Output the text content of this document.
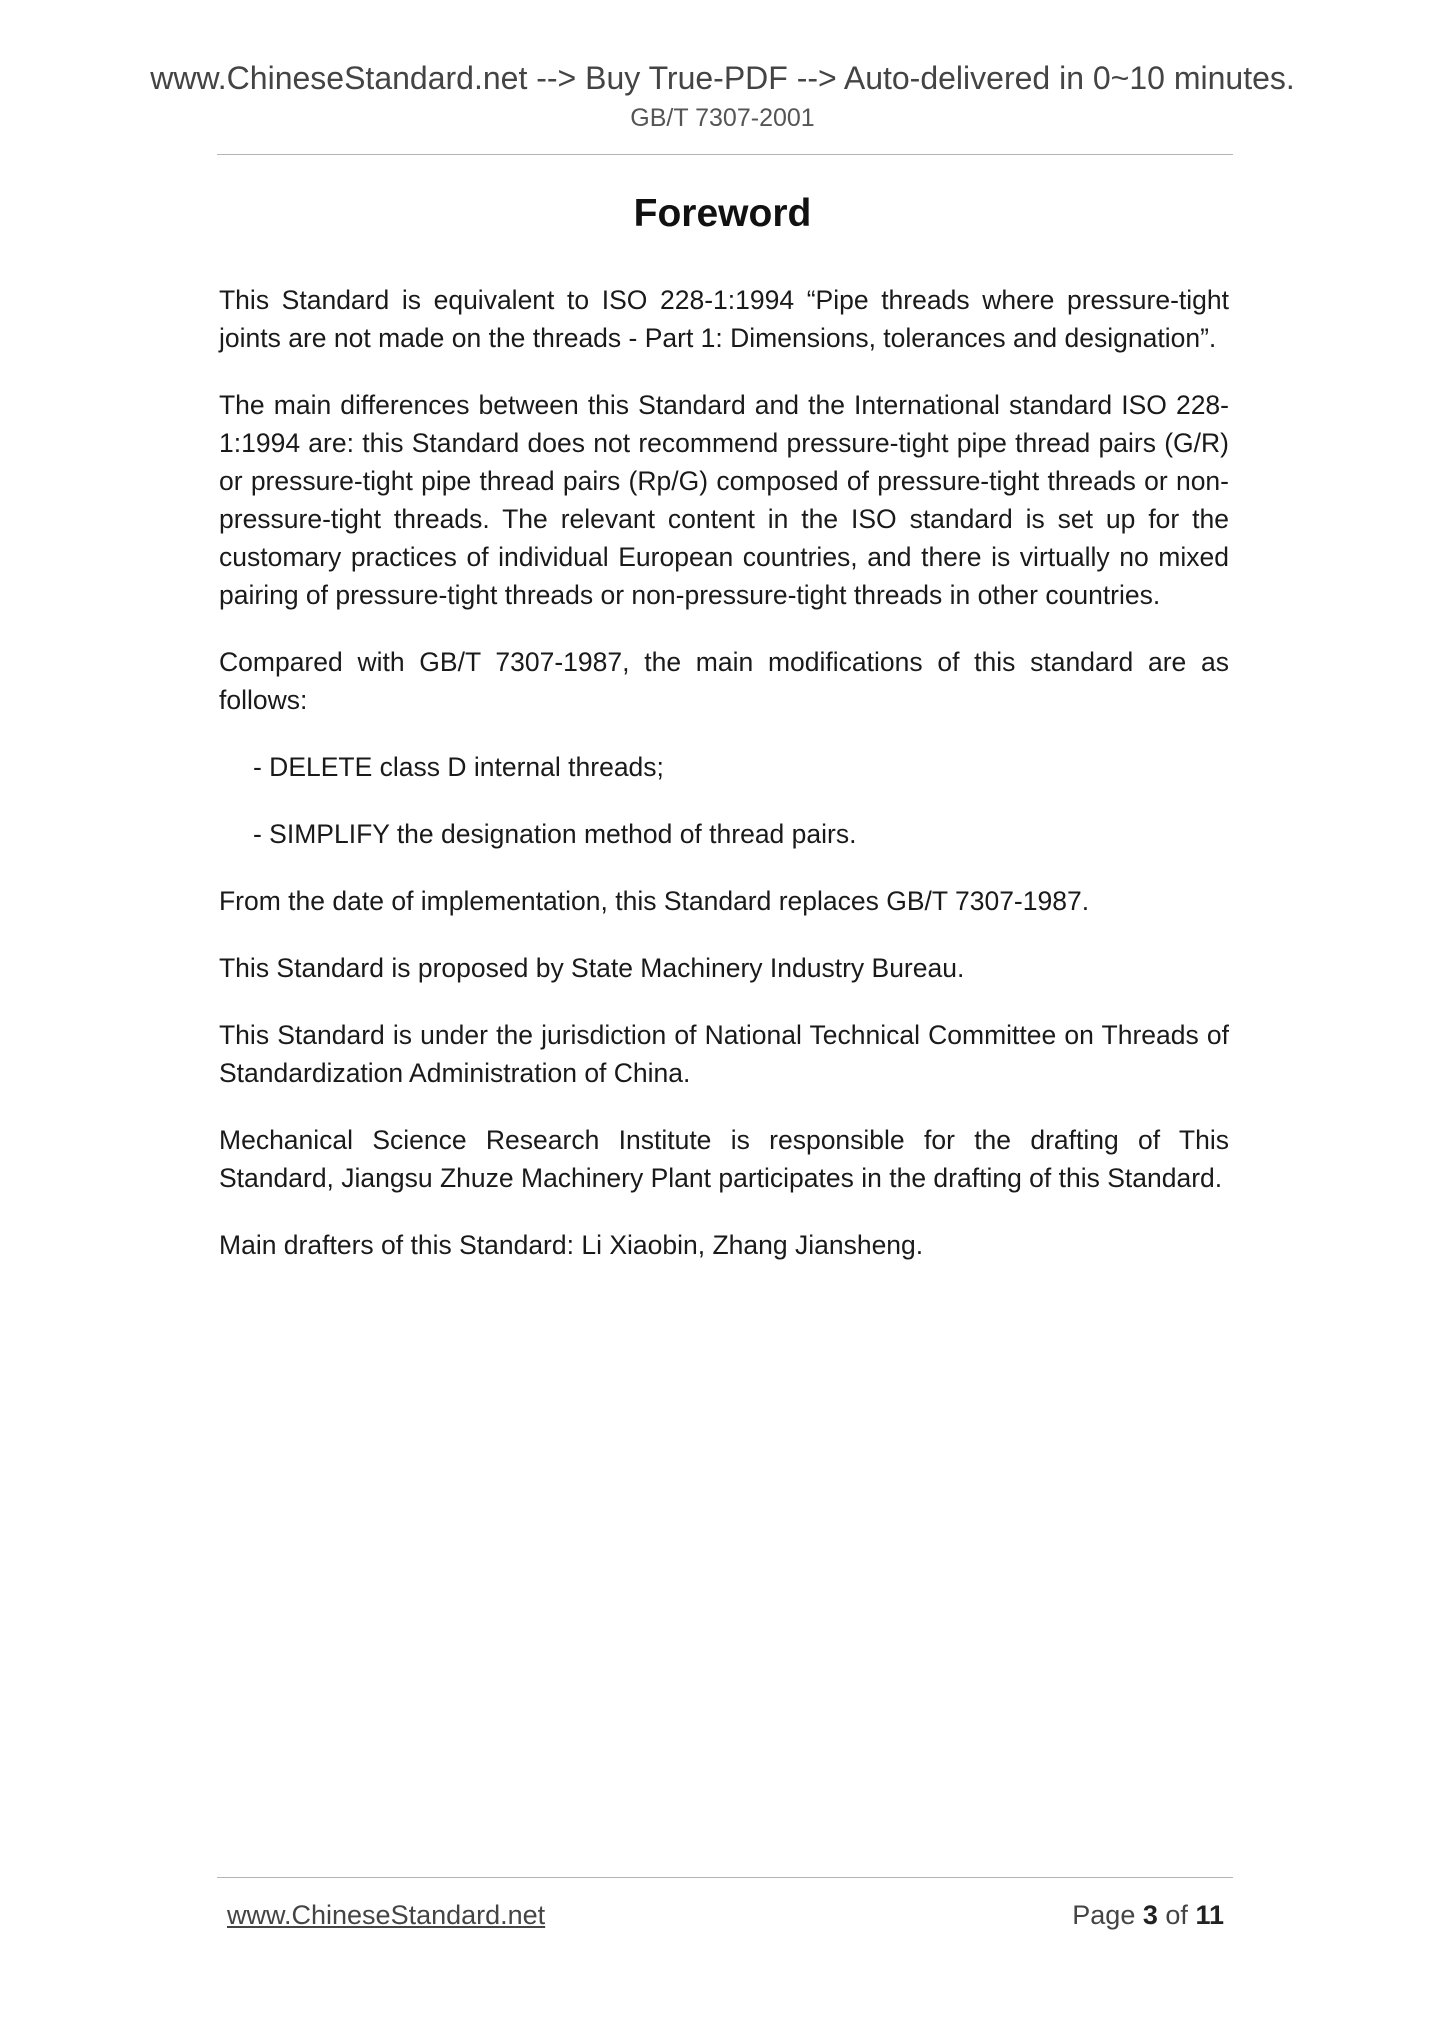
www.ChineseStandard.net --> Buy True-PDF --> Auto-delivered in 0~10 minutes.
GB/T 7307-2001
Foreword

This Standard is equivalent to ISO 228-1:1994 “Pipe threads where pressure-tight joints are not made on the threads - Part 1: Dimensions, tolerances and designation”.

The main differences between this Standard and the International standard ISO 228-1:1994 are: this Standard does not recommend pressure-tight pipe thread pairs (G/R) or pressure-tight pipe thread pairs (Rp/G) composed of pressure-tight threads or non-pressure-tight threads. The relevant content in the ISO standard is set up for the customary practices of individual European countries, and there is virtually no mixed pairing of pressure-tight threads or non-pressure-tight threads in other countries.

Compared with GB/T 7307-1987, the main modifications of this standard are as follows:

- DELETE class D internal threads;

- SIMPLIFY the designation method of thread pairs.

From the date of implementation, this Standard replaces GB/T 7307-1987.

This Standard is proposed by State Machinery Industry Bureau.

This Standard is under the jurisdiction of National Technical Committee on Threads of Standardization Administration of China.

Mechanical Science Research Institute is responsible for the drafting of This Standard, Jiangsu Zhuze Machinery Plant participates in the drafting of this Standard.

Main drafters of this Standard: Li Xiaobin, Zhang Jiansheng.

www.ChineseStandard.net	Page 3 of 11
